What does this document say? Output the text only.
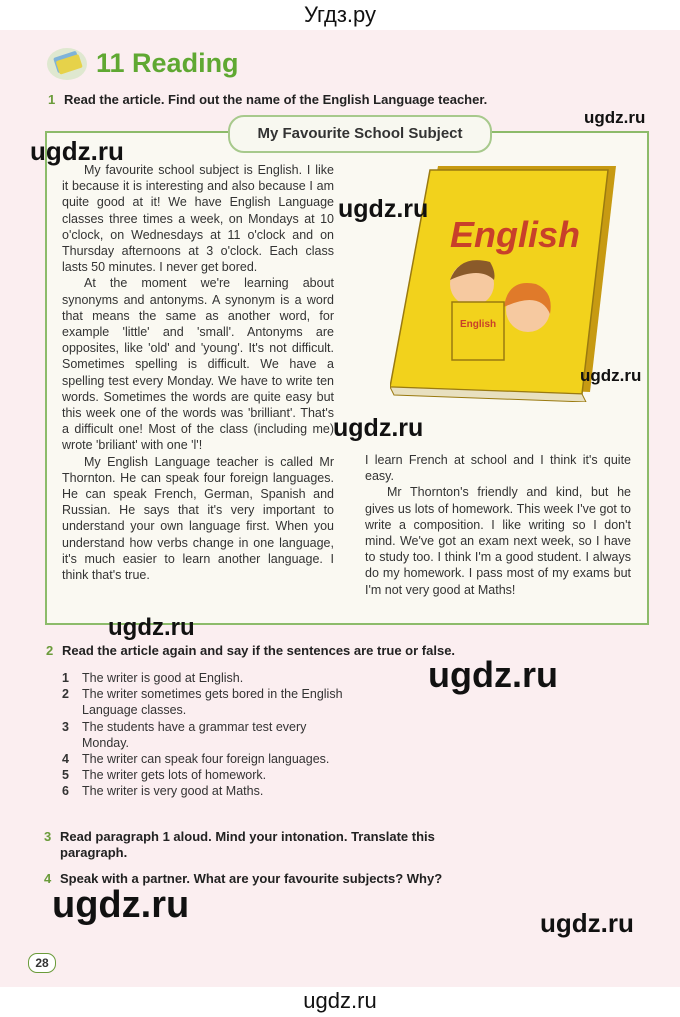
Угдз.ру
11 Reading
1 Read the article. Find out the name of the English Language teacher.
My Favourite School Subject

My favourite school subject is English. I like it because it is interesting and also because I am quite good at it! We have English Language classes three times a week, on Mondays at 10 o'clock, on Wednesdays at 11 o'clock and on Thursday afternoons at 3 o'clock. Each class lasts 50 minutes. I never get bored.

At the moment we're learning about synonyms and antonyms. A synonym is a word that means the same as another word, for example 'little' and 'small'. Antonyms are opposites, like 'old' and 'young'. It's not difficult. Sometimes spelling is difficult. We have a spelling test every Monday. We have to write ten words. Sometimes the words are quite easy but this week one of the words was 'brilliant'. That's a difficult one! Most of the class (including me) wrote 'briliant' with one 'l'!

My English Language teacher is called Mr Thornton. He can speak four foreign languages. He can speak French, German, Spanish and Russian. He says that it's very important to understand your own language first. When you understand how verbs change in one language, it's much easier to learn another language. I think that's true.

English
English

I learn French at school and I think it's quite easy.

Mr Thornton's friendly and kind, but he gives us lots of homework. This week I've got to write a composition. I like writing so I don't mind. We've got an exam next week, so I have to study too. I think I'm a good student. I always do my homework. I pass most of my exams but I'm not very good at Maths!

2 Read the article again and say if the sentences are true or false.
1 The writer is good at English.
2 The writer sometimes gets bored in the English Language classes.
3 The students have a grammar test every Monday.
4 The writer can speak four foreign languages.
5 The writer gets lots of homework.
6 The writer is very good at Maths.
3 Read paragraph 1 aloud. Mind your intonation. Translate this paragraph.
4 Speak with a partner. What are your favourite subjects? Why?
28
ugdz.ru
ugdz.ru
ugdz.ru
ugdz.ru
ugdz.ru
ugdz.ru
ugdz.ru
ugdz.ru	ugdz.ru
ugdz.ru
